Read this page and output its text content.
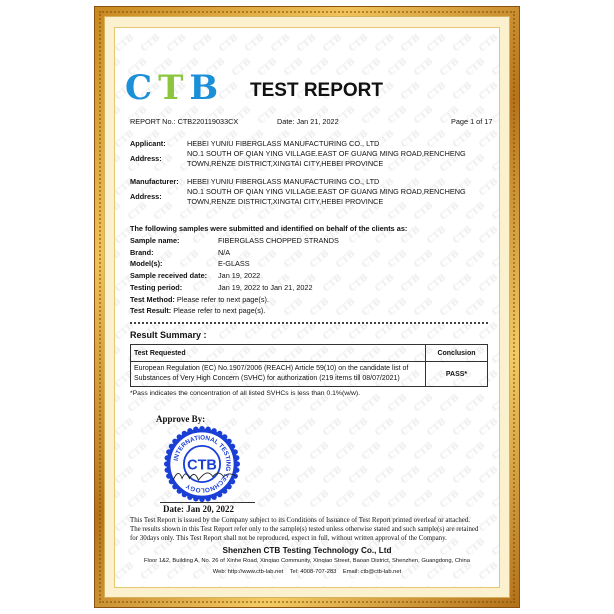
CTB TEST REPORT
REPORT No.: CTB220119033CX	Date: Jan 21, 2022	Page 1 of 17
Applicant:	HEBEI YUNIU FIBERGLASS MANUFACTURING CO., LTD
Address:
NO.1 SOUTH OF QIAN YING VILLAGE.EAST OF GUANG MING ROAD,RENCHENG
TOWN,RENZE DISTRICT,XINGTAI CITY,HEBEI PROVINCE
Manufacturer: HEBEI YUNIU FIBERGLASS MANUFACTURING CO., LTD
Address:
NO.1 SOUTH OF QIAN YING VILLAGE.EAST OF GUANG MING ROAD,RENCHENG
TOWN,RENZE DISTRICT,XINGTAI CITY,HEBEI PROVINCE
The following samples were submitted and identified on behalf of the clients as:
Sample name:	FIBERGLASS CHOPPED STRANDS
Brand:	N/A
Model(s):	E-GLASS
Sample received date: Jan 19, 2022
Testing period:	Jan 19, 2022 to Jan 21, 2022
Test Method: Please refer to next page(s).
Test Result: Please refer to next page(s).
Result Summary :
Test Requested	Conclusion

European Regulation (EC) No.1907/2006 (REACH) Article 59(10) on the candidate list of
Substances of Very High Concern (SVHC) for authorization (219 items till 08/07/2021)	PASS*
*Pass indicates the concentration of all listed SVHCs is less than 0.1%(w/w).
Approve By:
INTERNATIONAL TESTING TECHNOLOGY
CTB
Date: Jan 20, 2022
This Test Report is issued by the Company subject to its Conditions of Issuance of Test Report printed overleaf or attached.
The results shown in this Test Report refer only to the sample(s) tested unless otherwise stated and such sample(s) are retained
for 30days only. This Test Report shall not be reproduced, expect in full, without written approval of the Company.
Shenzhen CTB Testing Technology Co., Ltd
Floor 1&2, Building A, No. 26 of Xinhe Road, Xinqiao Community, Xinqiao Street, Baoan District, Shenzhen, Guangdong, China
Web: http://www.ctb-lab.net Tel: 4008-707-283 Email: ctb@ctb-lab.net
